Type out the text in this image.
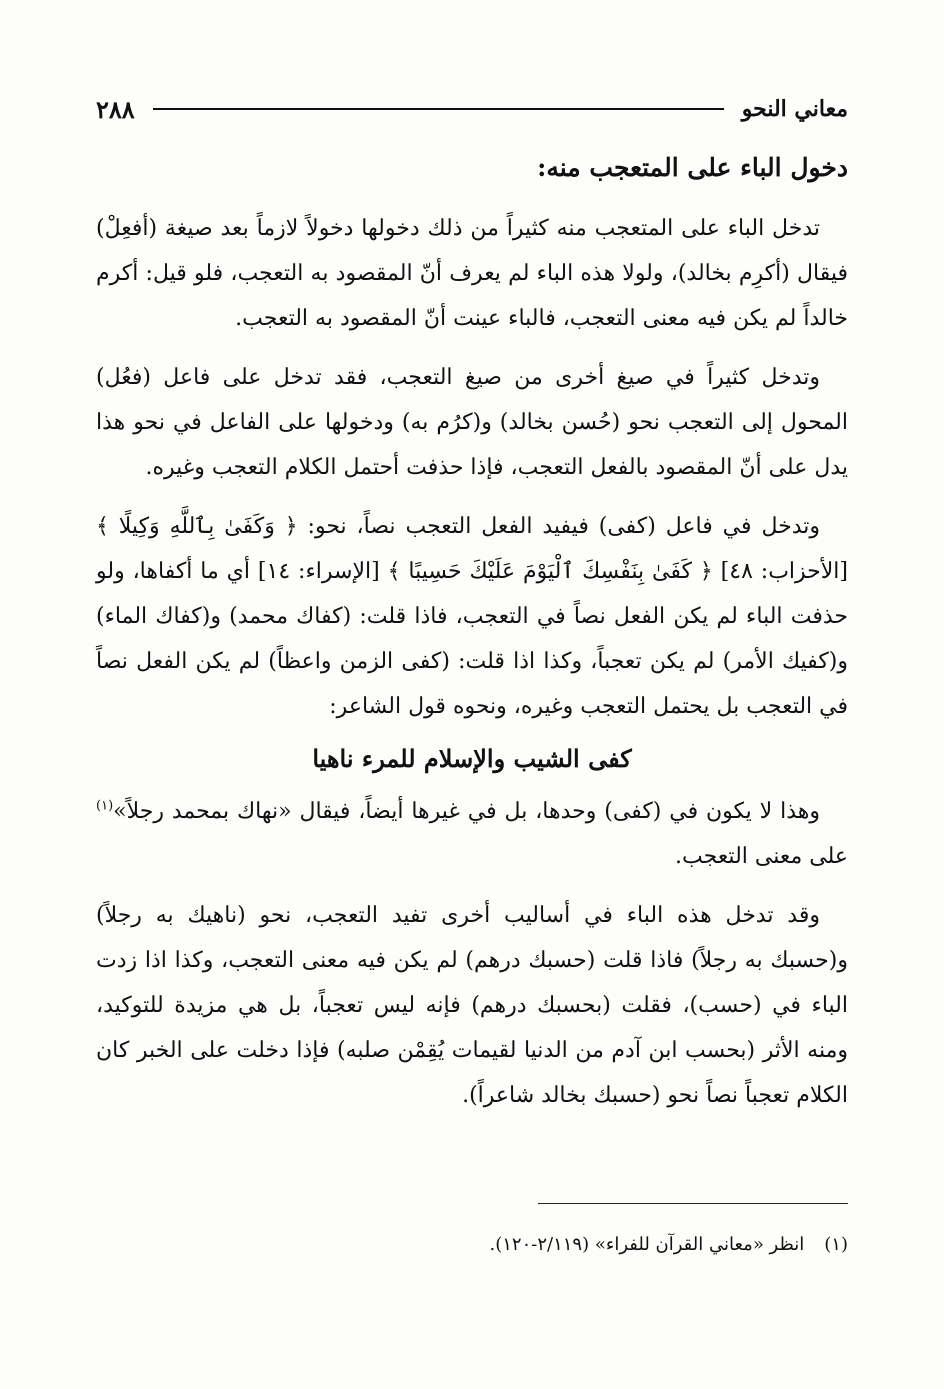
معاني النحو
٢٨٨
دخول الباء على المتعجب منه:

تدخل الباء على المتعجب منه كثيراً من ذلك دخولها دخولاً لازماً بعد صيغة (أفعِلْ) فيقال (أكرِم بخالد)، ولولا هذه الباء لم يعرف أنّ المقصود به التعجب، فلو قيل: أكرم خالداً لم يكن فيه معنى التعجب، فالباء عينت أنّ المقصود به التعجب.

وتدخل كثيراً في صيغ أخرى من صيغ التعجب، فقد تدخل على فاعل (فعُل) المحول إلى التعجب نحو (حُسن بخالد) و(كرُم به) ودخولها على الفاعل في نحو هذا يدل على أنّ المقصود بالفعل التعجب، فإذا حذفت أحتمل الكلام التعجب وغيره.

وتدخل في فاعل (كفى) فيفيد الفعل التعجب نصاً، نحو: ﴿ وَكَفَىٰ بِٱللَّهِ وَكِيلًا ﴾ [الأحزاب: ٤٨] ﴿ كَفَىٰ بِنَفْسِكَ ٱلْيَوْمَ عَلَيْكَ حَسِيبًا ﴾ [الإسراء: ١٤] أي ما أكفاها، ولو حذفت الباء لم يكن الفعل نصاً في التعجب، فاذا قلت: (كفاك محمد) و(كفاك الماء) و(كفيك الأمر) لم يكن تعجباً، وكذا اذا قلت: (كفى الزمن واعظاً) لم يكن الفعل نصاً في التعجب بل يحتمل التعجب وغيره، ونحوه قول الشاعر:

كفى الشيب والإسلام للمرء ناهيا

وهذا لا يكون في (كفى) وحدها، بل في غيرها أيضاً، فيقال «نهاك بمحمد رجلاً»$^{(١)}$ على معنى التعجب.

وقد تدخل هذه الباء في أساليب أخرى تفيد التعجب، نحو (ناهيك به رجلاً) و(حسبك به رجلاً) فاذا قلت (حسبك درهم) لم يكن فيه معنى التعجب، وكذا اذا زدت الباء في (حسب)، فقلت (بحسبك درهم) فإنه ليس تعجباً، بل هي مزيدة للتوكيد، ومنه الأثر (بحسب ابن آدم من الدنيا لقيمات يُقِمْن صلبه) فإذا دخلت على الخبر كان الكلام تعجباً نصاً نحو (حسبك بخالد شاعراً).

(١)انظر «معاني القرآن للفراء» (٢/١١٩-١٢٠).
